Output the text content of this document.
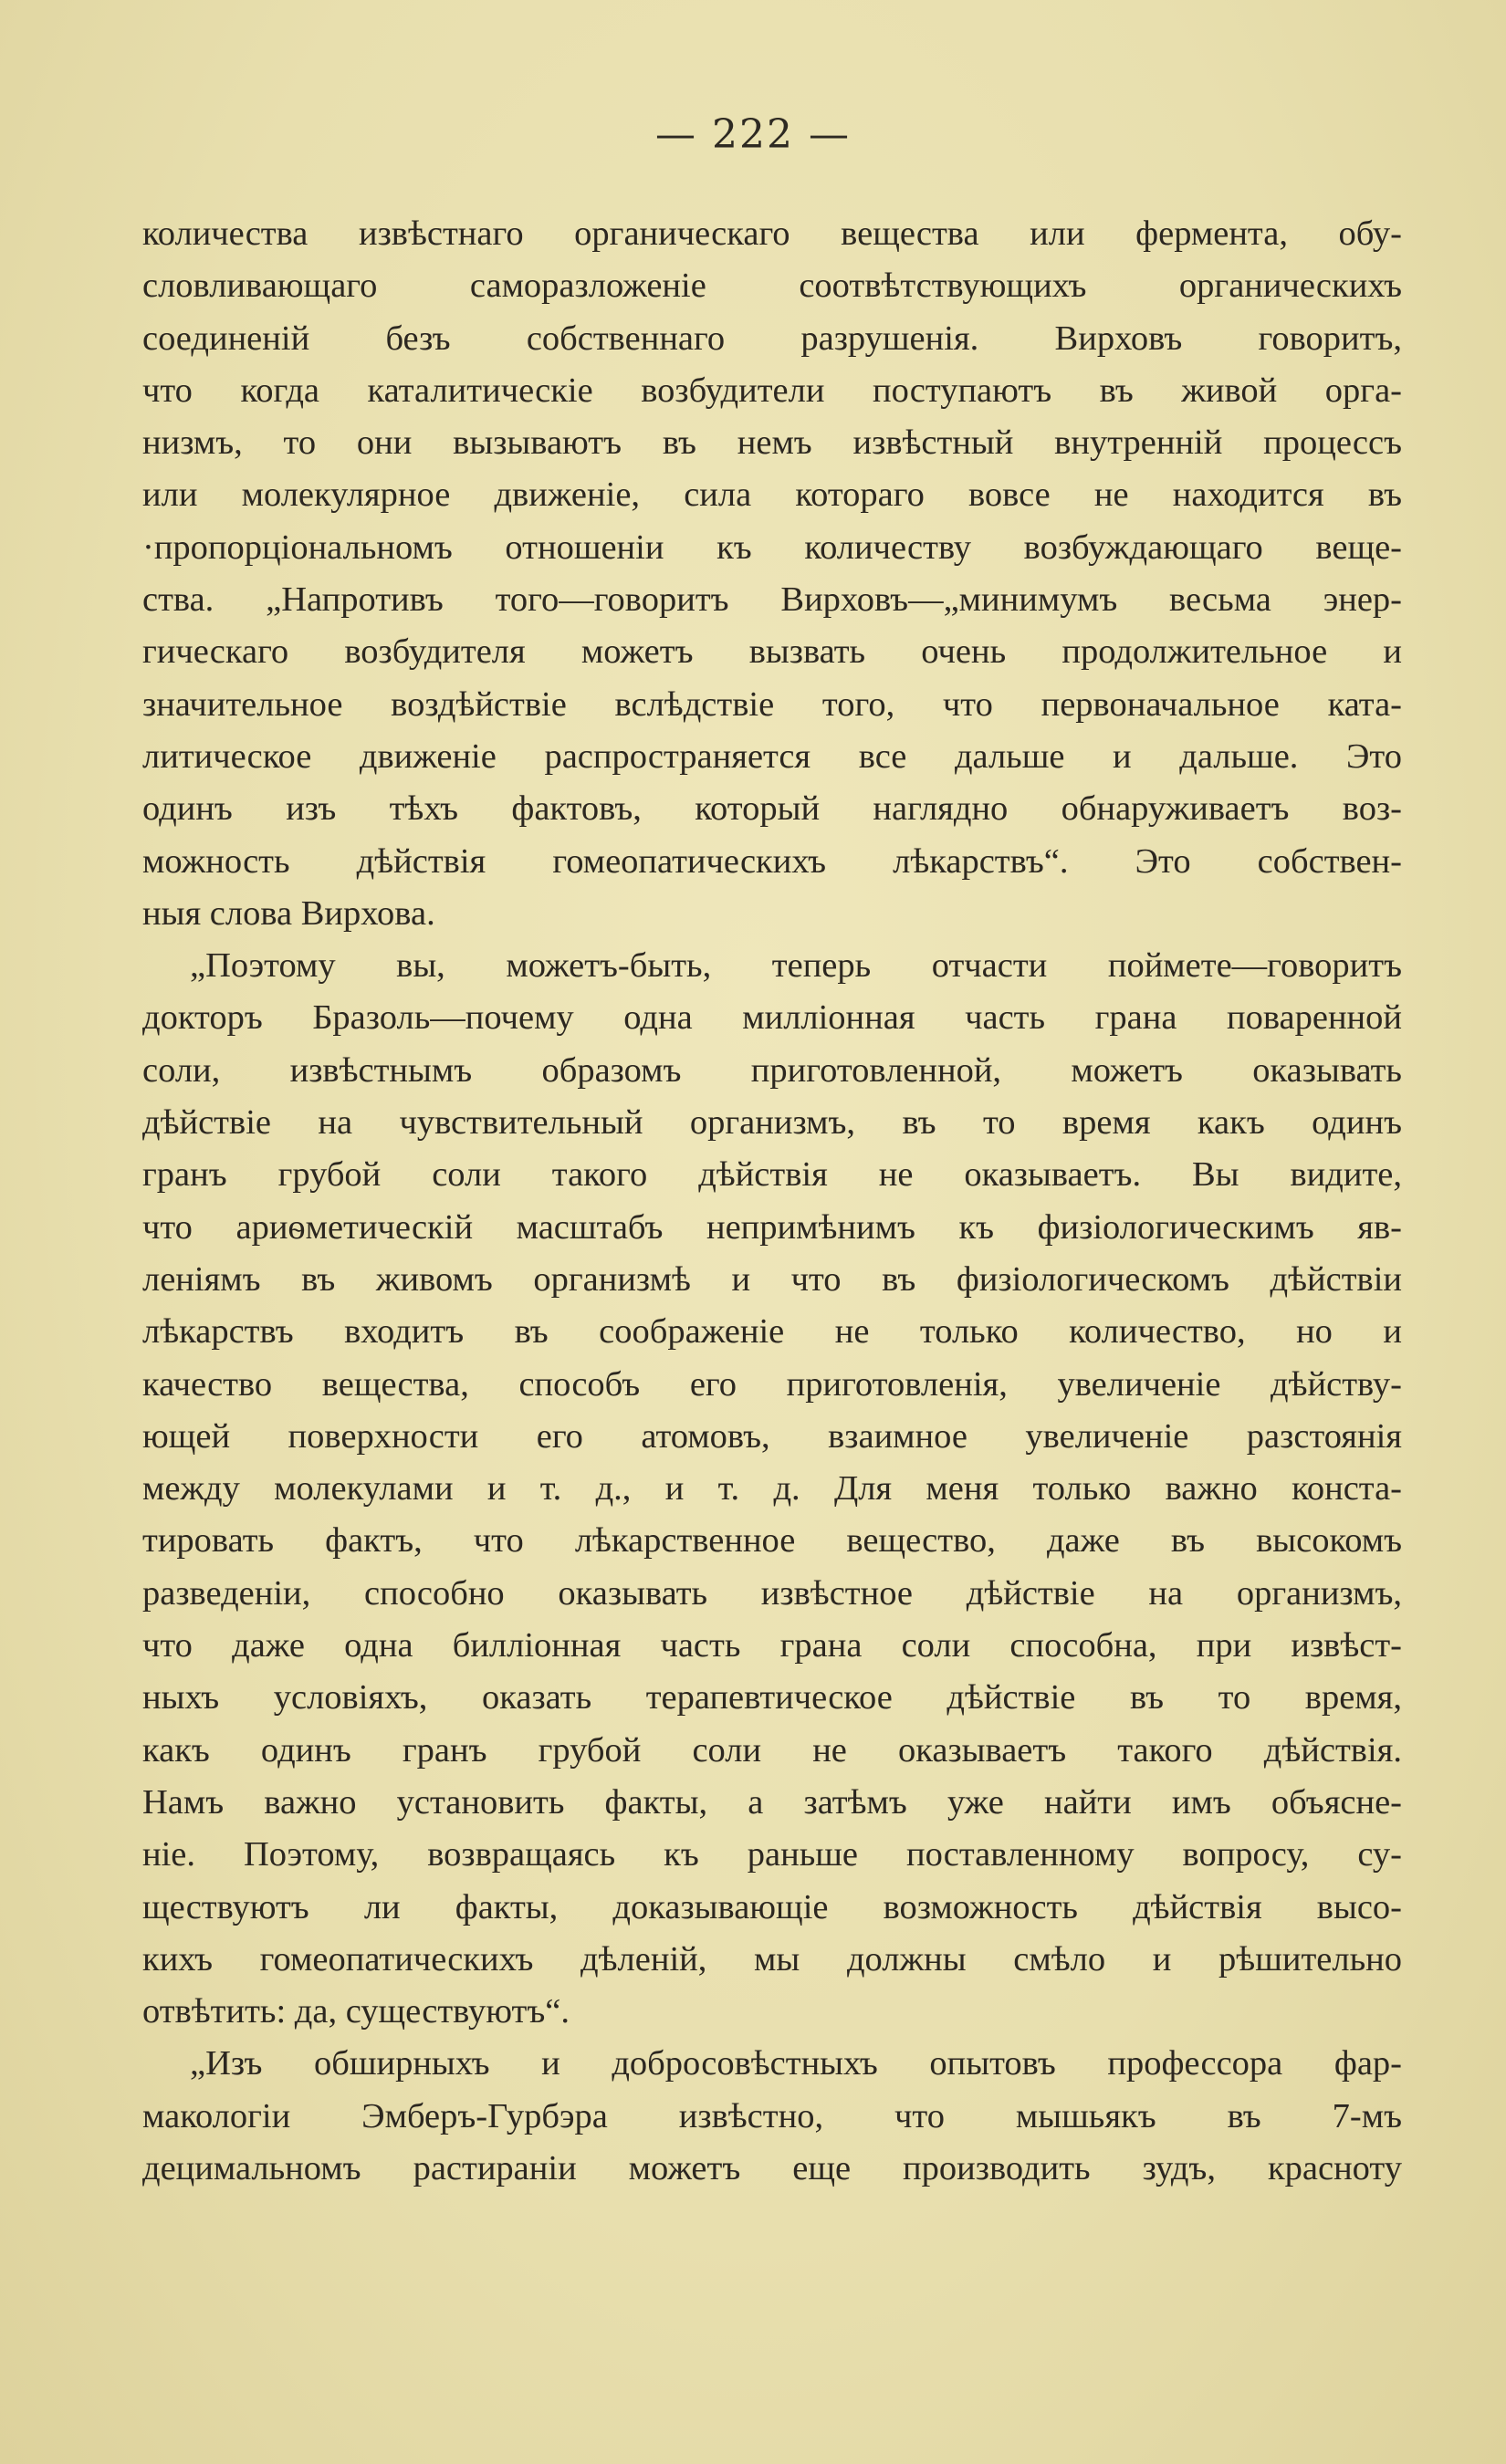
— 222 —
количества извѣстнаго органическаго вещества или фермента, обу-
словливающаго саморазложенiе соотвѣтствующихъ органическихъ
соединенiй безъ собственнаго разрушенiя. Вирховъ говоритъ,
что когда каталитическiе возбудители поступаютъ въ живой орга-
низмъ, то они вызываютъ въ немъ извѣстный внутреннiй процессъ
или молекулярное движенiе, сила котораго вовсе не находится въ
·пропорцiональномъ отношенiи къ количеству возбуждающаго веще-
ства. „Напротивъ того—говоритъ Вирховъ—„минимумъ весьма энер-
гическаго возбудителя можетъ вызвать очень продолжительное и
значительное воздѣйствiе вслѣдствiе того, что первоначальное ката-
литическое движенiе распространяется все дальше и дальше. Это
одинъ изъ тѣхъ фактовъ, который наглядно обнаруживаетъ воз-
можность дѣйствiя гомеопатическихъ лѣкарствъ“. Это собствен-
ныя слова Вирхова.
„Поэтому вы, можетъ-быть, теперь отчасти поймете—говоритъ
докторъ Бразоль—почему одна миллiонная часть грана поваренной
соли, извѣстнымъ образомъ приготовленной, можетъ оказывать
дѣйствiе на чувствительный организмъ, въ то время какъ одинъ
гранъ грубой соли такого дѣйствiя не оказываетъ. Вы видите,
что ариѳметическiй масштабъ непримѣнимъ къ физiологическимъ яв-
ленiямъ въ живомъ организмѣ и что въ физiологическомъ дѣйствiи
лѣкарствъ входитъ въ соображенiе не только количество, но и
качество вещества, способъ его приготовленiя, увеличенiе дѣйству-
ющей поверхности его атомовъ, взаимное увеличенiе разстоянiя
между молекулами и т. д., и т. д. Для меня только важно конста-
тировать фактъ, что лѣкарственное вещество, даже въ высокомъ
разведенiи, способно оказывать извѣстное дѣйствiе на организмъ,
что даже одна биллiонная часть грана соли способна, при извѣст-
ныхъ условiяхъ, оказать терапевтическое дѣйствiе въ то время,
какъ одинъ гранъ грубой соли не оказываетъ такого дѣйствiя.
Намъ важно установить факты, а затѣмъ уже найти имъ объясне-
нiе. Поэтому, возвращаясь къ раньше поставленному вопросу, су-
ществуютъ ли факты, доказывающiе возможность дѣйствiя высо-
кихъ гомеопатическихъ дѣленiй, мы должны смѣло и рѣшительно
отвѣтить: да, существуютъ“.
„Изъ обширныхъ и добросовѣстныхъ опытовъ профессора фар-
макологiи Эмберъ-Гурбэра извѣстно, что мышьякъ въ 7-мъ
децимальномъ растиранiи можетъ еще производить зудъ, красноту
